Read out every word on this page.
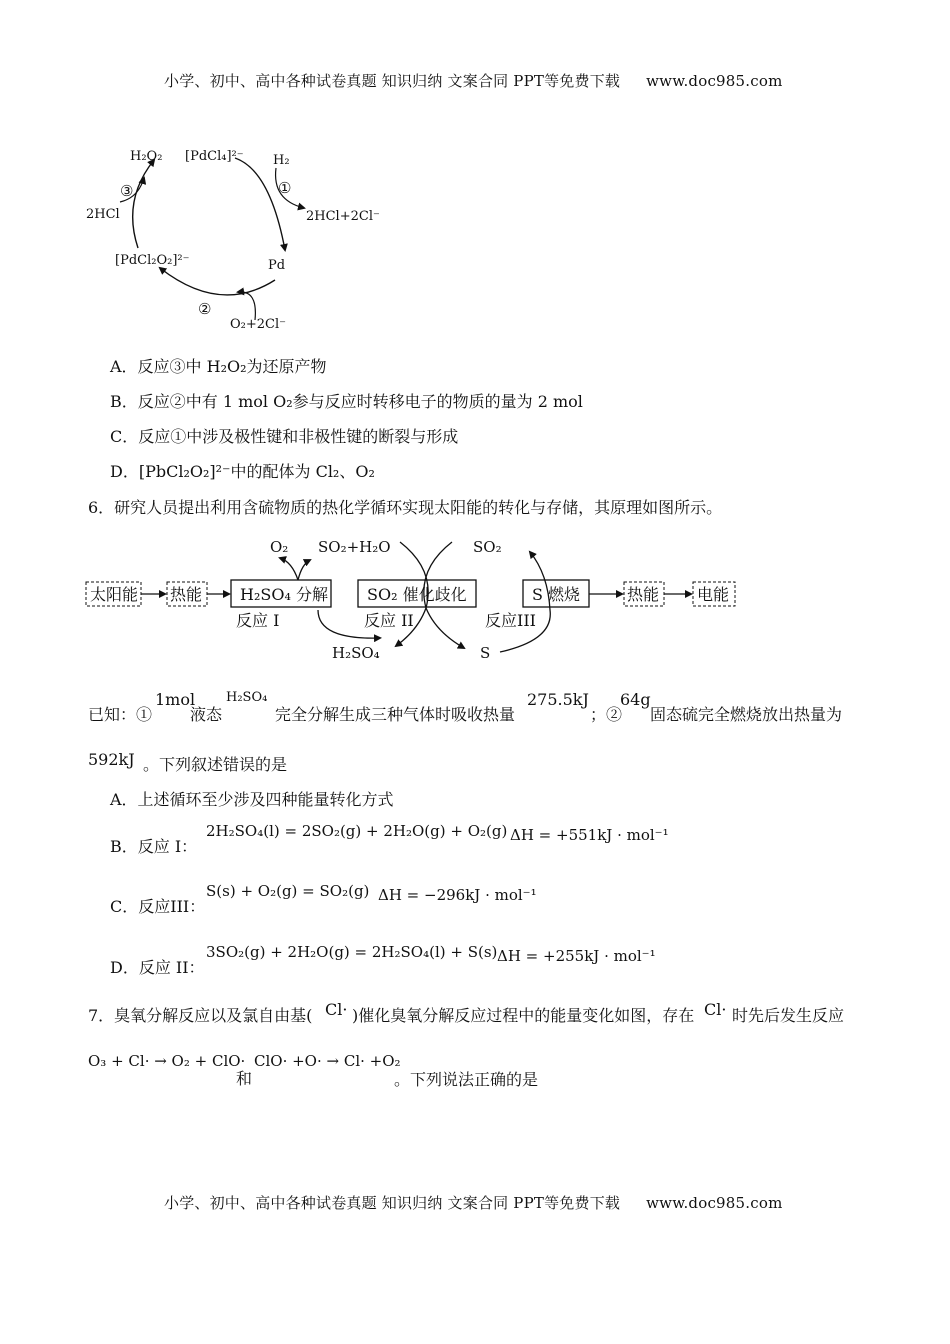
小学、初中、高中各种试卷真题 知识归纳 文案合同 PPT等免费下载 www.doc985.com
[PdCl₄]²⁻ H₂
①
2HCl+2Cl⁻
Pd
②
O₂+2Cl⁻
[PdCl₂O₂]²⁻
2HCl
③
H₂O₂
A．反应③中 H₂O₂为还原产物
B．反应②中有 1 mol O₂参与反应时转移电子的物质的量为 2 mol
C．反应①中涉及极性键和非极性键的断裂与形成
D．[PbCl₂O₂]²⁻中的配体为 Cl₂、O₂
6．研究人员提出利用含硫物质的热化学循环实现太阳能的转化与存储，其原理如图所示。
太阳能 热能 H₂SO₄ 分解 SO₂ 催化歧化	S 燃烧	热能 电能
反应 I	反应 II	反应III
O₂ SO₂+H₂O	SO₂
H₂SO₄	S
已知：①
1mol
液态
H₂SO₄
完全分解生成三种气体时吸收热量
275.5kJ
；②
64g
固态硫完全燃烧放出热量为
592kJ 。下列叙述错误的是
A．上述循环至少涉及四种能量转化方式
B．反应 I：
2H₂SO₄(l) = 2SO₂(g) + 2H₂O(g) + O₂(g) ΔH = +551kJ · mol⁻¹
C．反应III：
S(s) + O₂(g) = SO₂(g) ΔH = −296kJ · mol⁻¹
D．反应 II：
3SO₂(g) + 2H₂O(g) = 2H₂SO₄(l) + S(s) ΔH = +255kJ · mol⁻¹
7．臭氧分解反应以及氯自由基( Cl· )催化臭氧分解反应过程中的能量变化如图，存在 Cl· 时先后发生反应
O₃ + Cl· → O₂ + ClO·
和
ClO· +O· → Cl· +O₂
。下列说法正确的是
小学、初中、高中各种试卷真题 知识归纳 文案合同 PPT等免费下载 www.doc985.com
